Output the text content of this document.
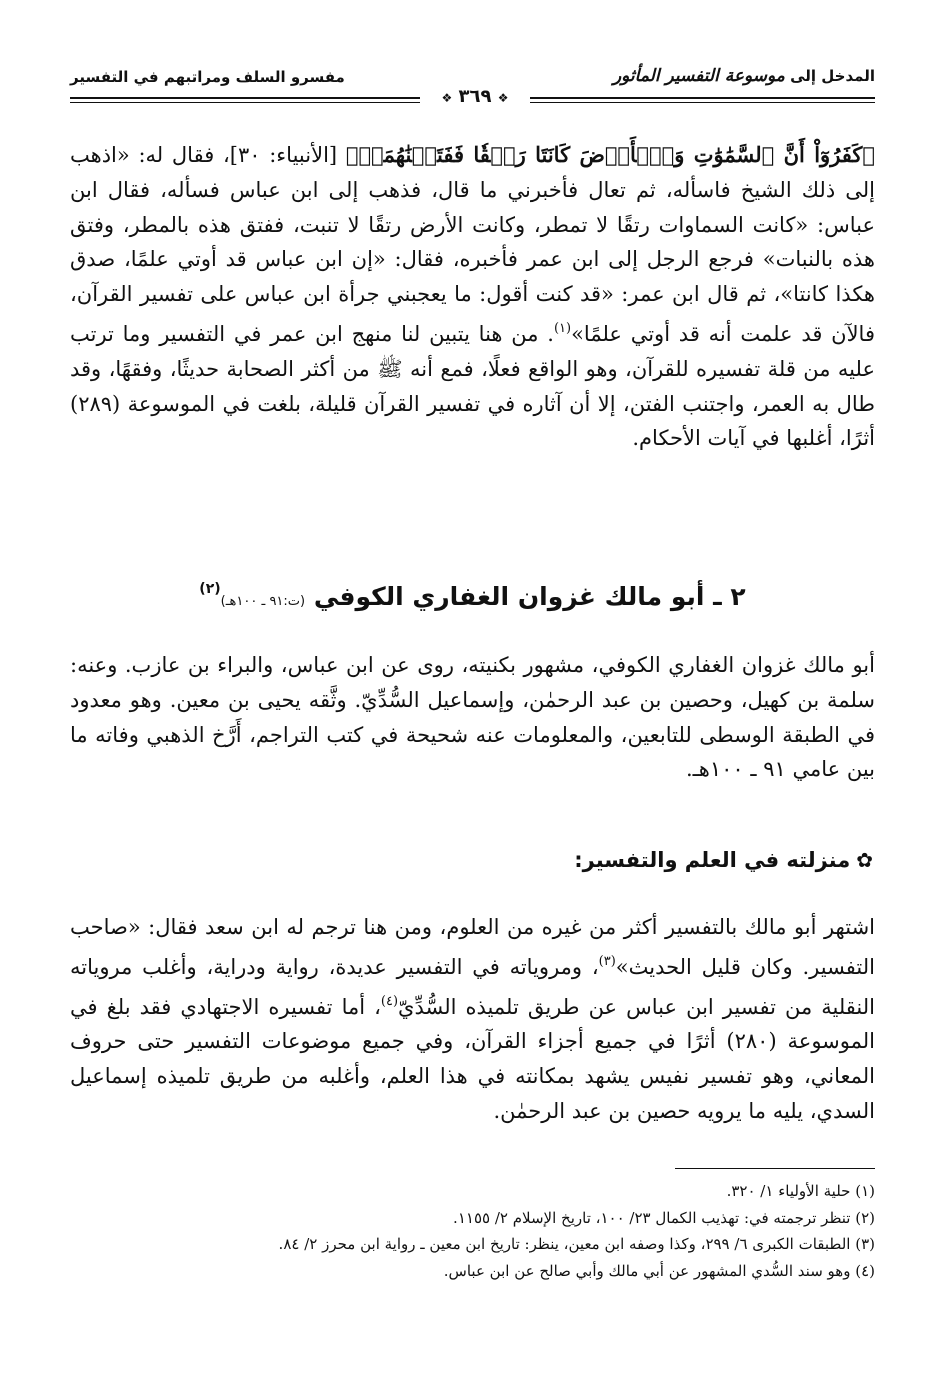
المدخل إلى موسوعة التفسير المأثور
❖ ٣٦٩ ❖
مفسرو السلف ومراتبهم في التفسير
﴿كَفَرُوٓاْ أَنَّ ٱلسَّمَٰوَٰتِ وَٱلۡأَرۡضَ كَانَتَا رَتۡقٗا فَفَتَقۡنَٰهُمَاۖ﴾ [الأنبياء: ٣٠]، فقال له: «اذهب إلى ذلك الشيخ فاسأله، ثم تعال فأخبرني ما قال، فذهب إلى ابن عباس فسأله، فقال ابن عباس: «كانت السماوات رتقًا لا تمطر، وكانت الأرض رتقًا لا تنبت، ففتق هذه بالمطر، وفتق هذه بالنبات» فرجع الرجل إلى ابن عمر فأخبره، فقال: «إن ابن عباس قد أوتي علمًا، صدق هكذا كانتا»، ثم قال ابن عمر: «قد كنت أقول: ما يعجبني جرأة ابن عباس على تفسير القرآن، فالآن قد علمت أنه قد أوتي علمًا»$^{(١)}$. من هنا يتبين لنا منهج ابن عمر في التفسير وما ترتب عليه من قلة تفسيره للقرآن، وهو الواقع فعلًا، فمع أنه ﷺ من أكثر الصحابة حديثًا، وفقهًا، وقد طال به العمر، واجتنب الفتن، إلا أن آثاره في تفسير القرآن قليلة، بلغت في الموسوعة (٢٨٩) أثرًا، أغلبها في آيات الأحكام.
٢ ـ أبو مالك غزوان الغفاري الكوفي (ت:٩١ ـ ١٠٠هـ)$^{(٢)}$
أبو مالك غزوان الغفاري الكوفي، مشهور بكنيته، روى عن ابن عباس، والبراء بن عازب. وعنه: سلمة بن كهيل، وحصين بن عبد الرحمٰن، وإسماعيل السُّدِّيّ. وثَّقه يحيى بن معين. وهو معدود في الطبقة الوسطى للتابعين، والمعلومات عنه شحيحة في كتب التراجم، أَرَّخ الذهبي وفاته ما بين عامي ٩١ ـ ١٠٠هـ.
✿منزلته في العلم والتفسير:
اشتهر أبو مالك بالتفسير أكثر من غيره من العلوم، ومن هنا ترجم له ابن سعد فقال: «صاحب التفسير. وكان قليل الحديث»$^{(٣)}$، ومروياته في التفسير عديدة، رواية ودراية، وأغلب مروياته النقلية من تفسير ابن عباس عن طريق تلميذه السُّدِّيّ$^{(٤)}$، أما تفسيره الاجتهادي فقد بلغ في الموسوعة (٢٨٠) أثرًا في جميع أجزاء القرآن، وفي جميع موضوعات التفسير حتى حروف المعاني، وهو تفسير نفيس يشهد بمكانته في هذا العلم، وأغلبه من طريق تلميذه إسماعيل السدي، يليه ما يرويه حصين بن عبد الرحمٰن.
(١) حلية الأولياء ١/ ٣٢٠.
(٢) تنظر ترجمته في: تهذيب الكمال ٢٣/ ١٠٠، تاريخ الإسلام ٢/ ١١٥٥.
(٣) الطبقات الكبرى ٦/ ٢٩٩، وكذا وصفه ابن معين، ينظر: تاريخ ابن معين ـ رواية ابن محرز ٢/ ٨٤.
(٤) وهو سند السُّدي المشهور عن أبي مالك وأبي صالح عن ابن عباس.
